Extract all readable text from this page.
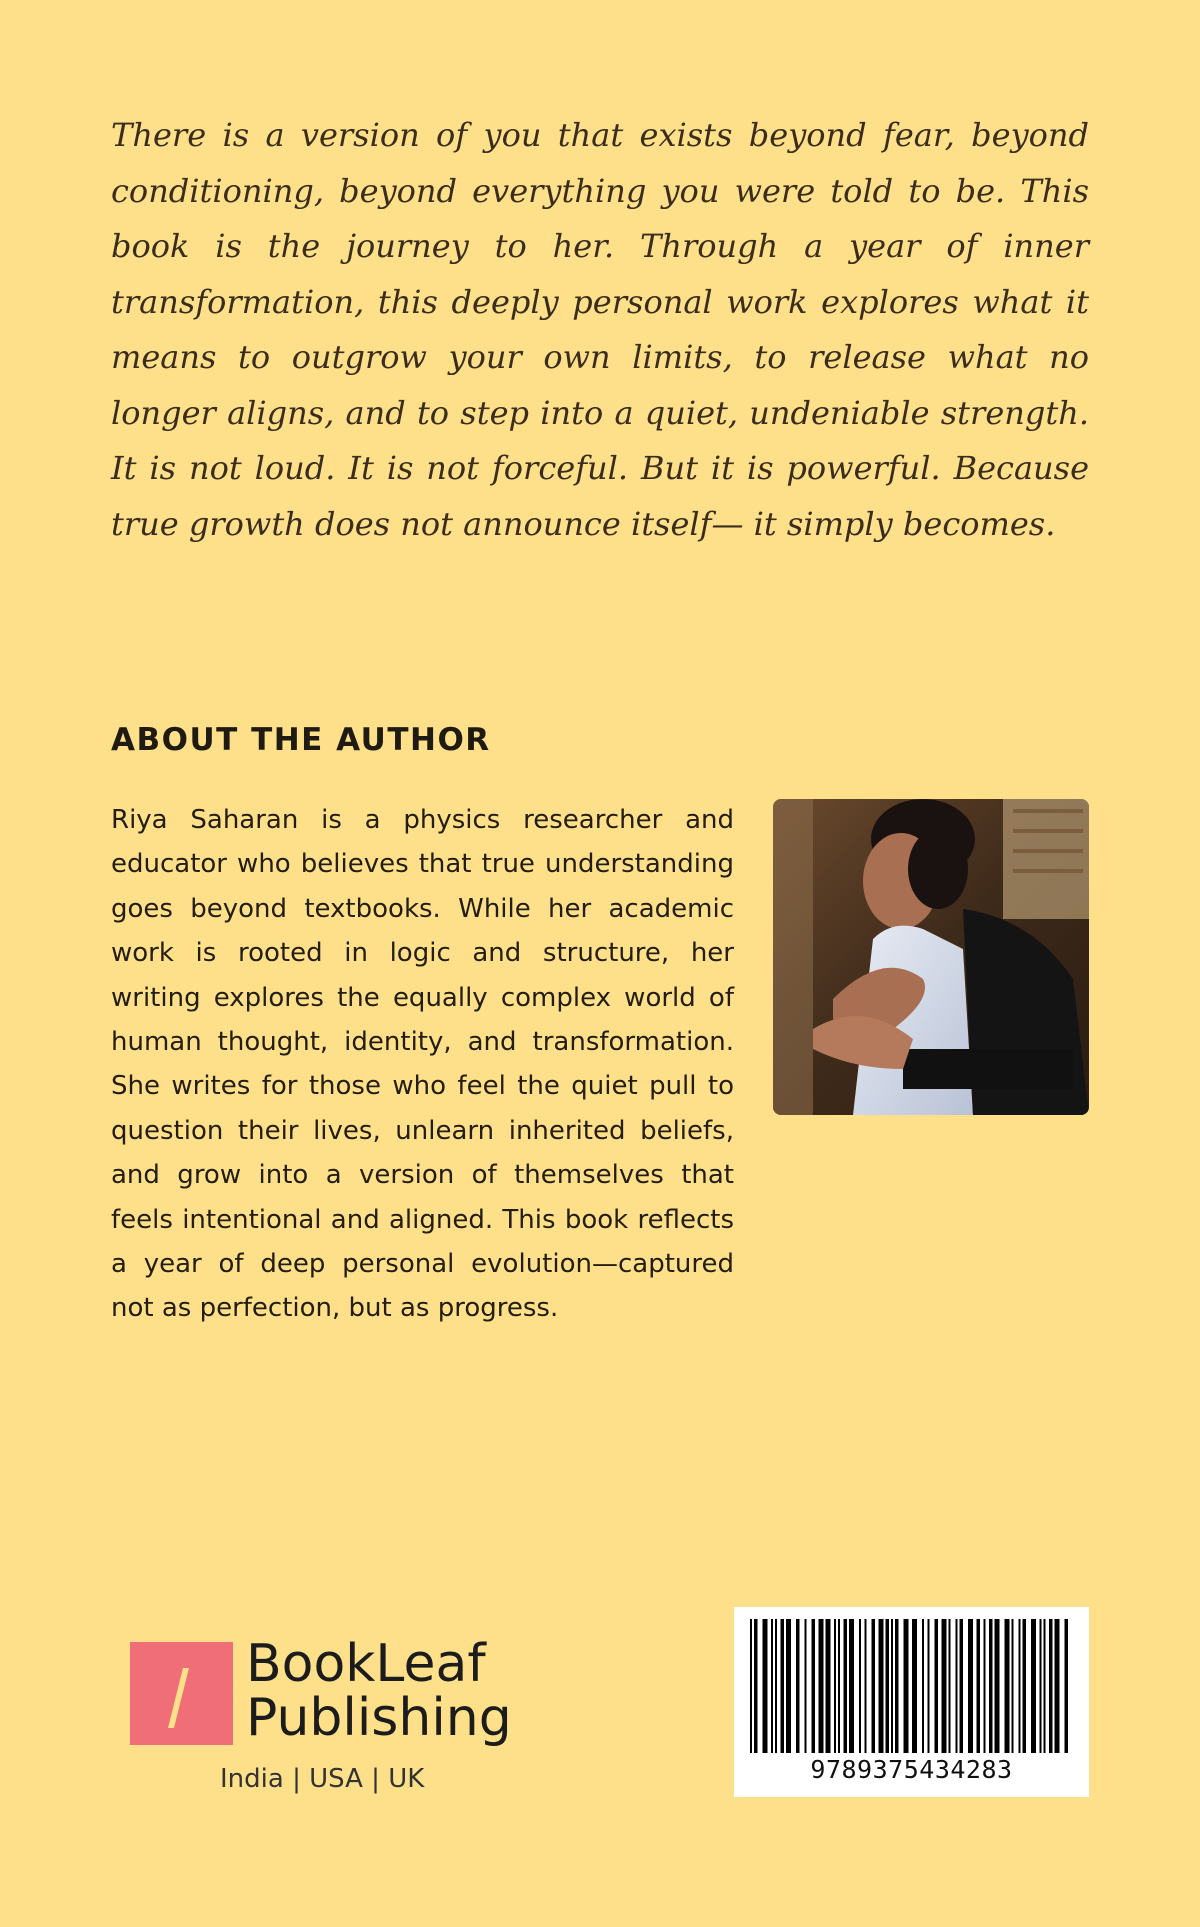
There is a version of you that exists beyond fear, beyond conditioning, beyond everything you were told to be. This book is the journey to her. Through a year of inner transformation, this deeply personal work explores what it means to outgrow your own limits, to release what no longer aligns, and to step into a quiet, undeniable strength. It is not loud. It is not forceful. But it is powerful. Because true growth does not announce itself— it simply becomes.

ABOUT THE AUTHOR

Riya Saharan is a physics researcher and educator who believes that true understanding goes beyond textbooks. While her academic work is rooted in logic and structure, her writing explores the equally complex world of human thought, identity, and transformation. She writes for those who feel the quiet pull to question their lives, unlearn inherited beliefs, and grow into a version of themselves that feels intentional and aligned. This book reflects a year of deep personal evolution—captured not as perfection, but as progress.

BookLeaf
Publishing
India | USA | UK	9789375434283
